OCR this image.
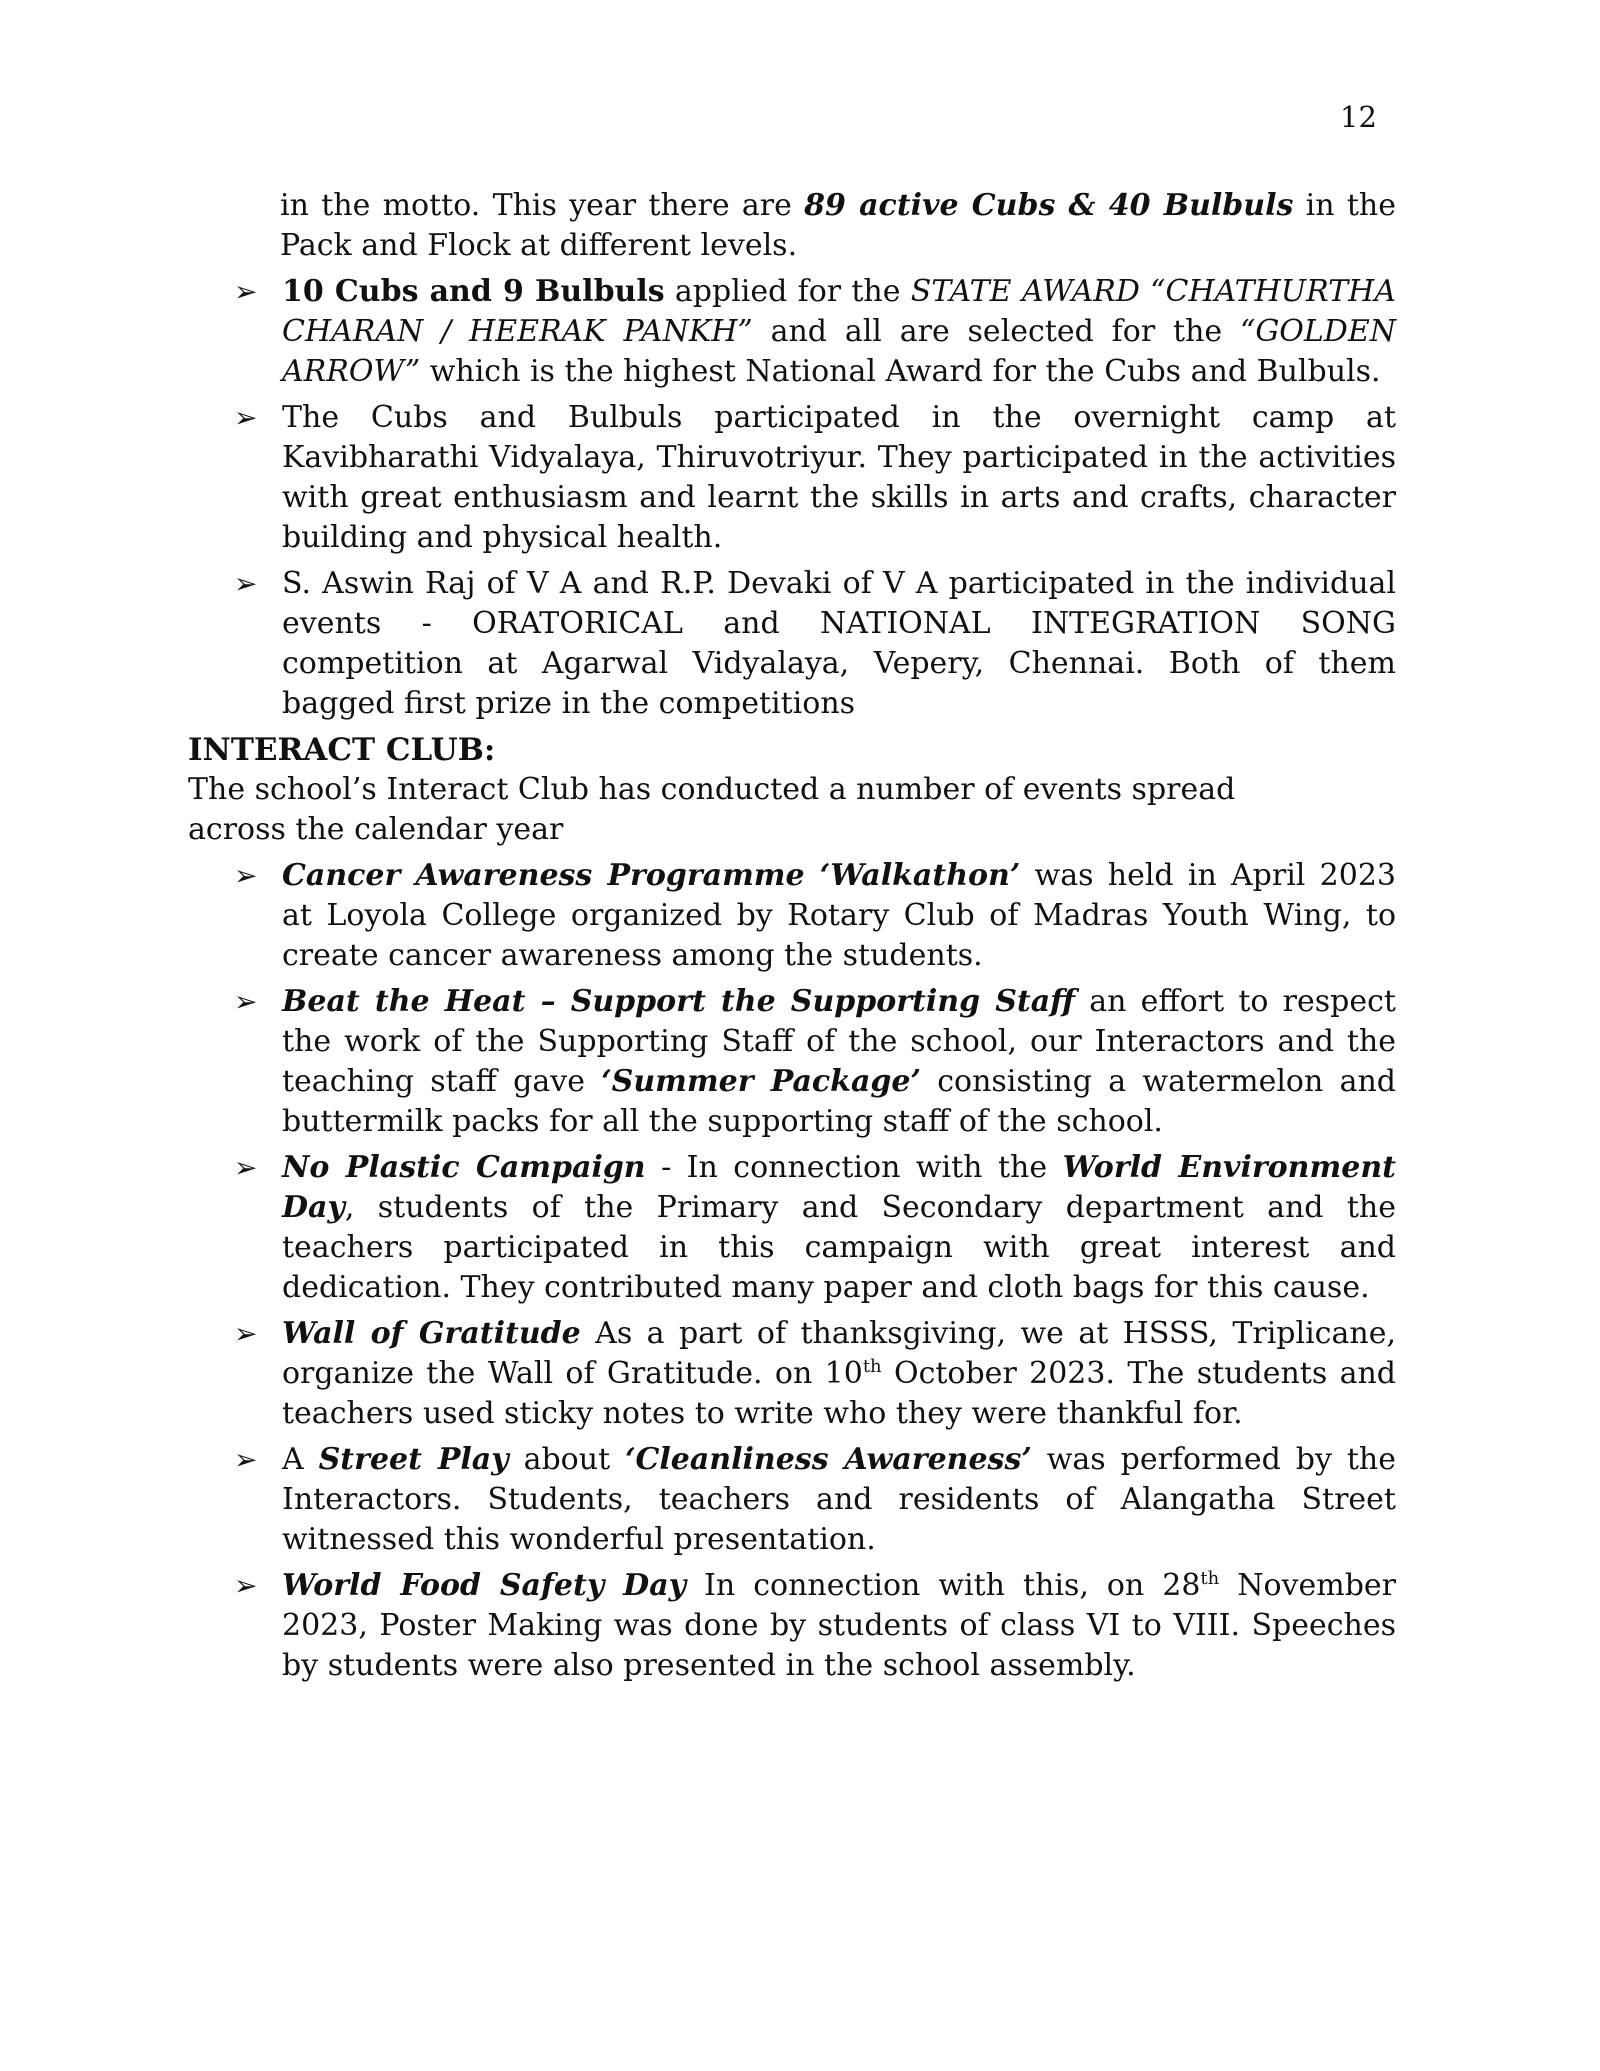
12

in the motto. This year there are 89 active Cubs & 40 Bulbuls in the Pack and Flock at different levels.

➢ 10 Cubs and 9 Bulbuls applied for the STATE AWARD “CHATHURTHA CHARAN / HEERAK PANKH” and all are selected for the “GOLDEN ARROW” which is the highest National Award for the Cubs and Bulbuls.
➢ The Cubs and Bulbuls participated in the overnight camp at Kavibharathi Vidyalaya, Thiruvotriyur. They participated in the activities with great enthusiasm and learnt the skills in arts and crafts, character building and physical health.
➢ S. Aswin Raj of V A and R.P. Devaki of V A participated in the individual events - ORATORICAL and NATIONAL INTEGRATION SONG competition at Agarwal Vidyalaya, Vepery, Chennai. Both of them bagged first prize in the competitions

INTERACT CLUB:

The school’s Interact Club has conducted a number of events spread across the calendar year

➢ Cancer Awareness Programme ‘Walkathon’ was held in April 2023 at Loyola College organized by Rotary Club of Madras Youth Wing, to create cancer awareness among the students.
➢ Beat the Heat – Support the Supporting Staff an effort to respect the work of the Supporting Staff of the school, our Interactors and the teaching staff gave ‘Summer Package’ consisting a watermelon and buttermilk packs for all the supporting staff of the school.
➢ No Plastic Campaign - In connection with the World Environment Day, students of the Primary and Secondary department and the teachers participated in this campaign with great interest and dedication. They contributed many paper and cloth bags for this cause.
➢ Wall of Gratitude As a part of thanksgiving, we at HSSS, Triplicane, organize the Wall of Gratitude. on 10th October 2023. The students and teachers used sticky notes to write who they were thankful for.
➢ A Street Play about ‘Cleanliness Awareness’ was performed by the Interactors. Students, teachers and residents of Alangatha Street witnessed this wonderful presentation.
➢ World Food Safety Day In connection with this, on 28th November 2023, Poster Making was done by students of class VI to VIII. Speeches by students were also presented in the school assembly.
